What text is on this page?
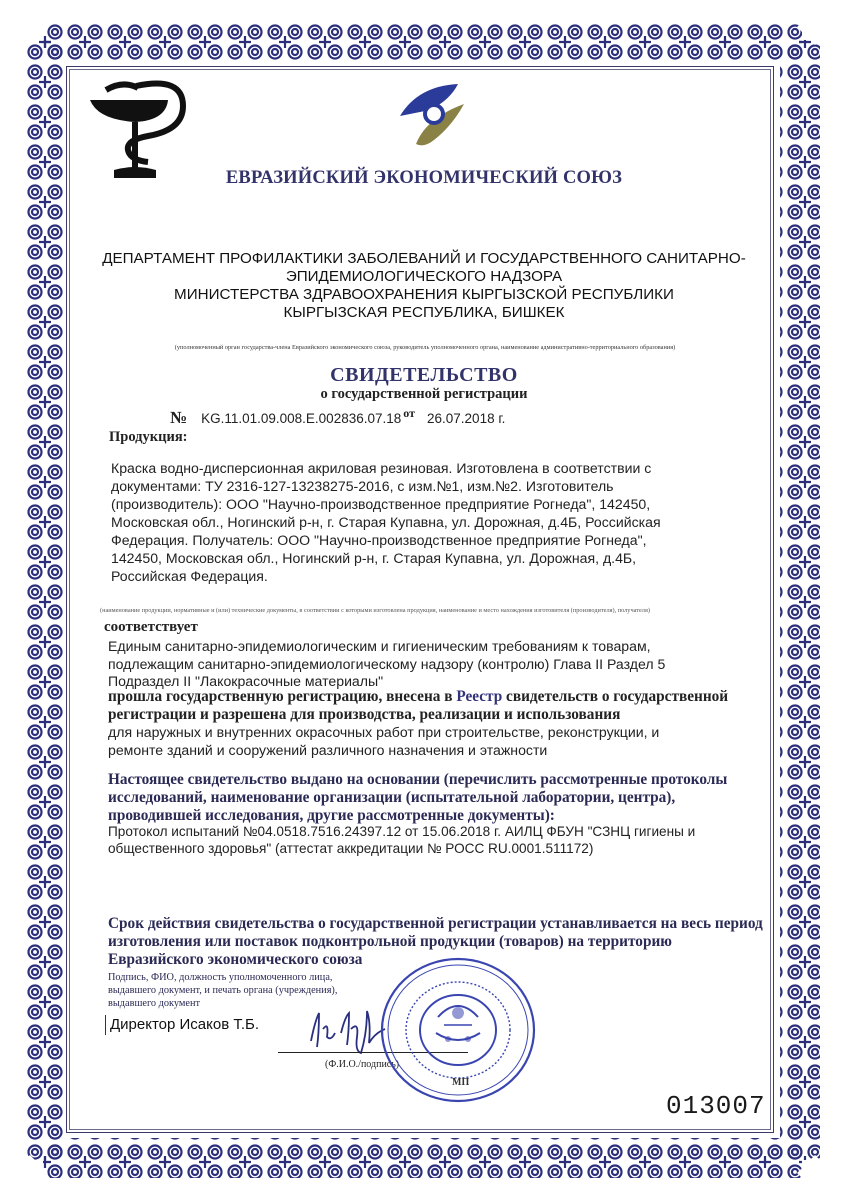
ЕВРАЗИЙСКИЙ ЭКОНОМИЧЕСКИЙ СОЮЗ
ДЕПАРТАМЕНТ ПРОФИЛАКТИКИ ЗАБОЛЕВАНИЙ И ГОСУДАРСТВЕННОГО САНИТАРНО-
ЭПИДЕМИОЛОГИЧЕСКОГО НАДЗОРА
МИНИСТЕРСТВА ЗДРАВООХРАНЕНИЯ КЫРГЫЗСКОЙ РЕСПУБЛИКИ
КЫРГЫЗСКАЯ РЕСПУБЛИКА, БИШКЕК
(уполномоченный орган государства-члена Евразийского экономического союза, руководитель уполномоченного органа, наименование административно-территориального образования)
СВИДЕТЕЛЬСТВО
о государственной регистрации
№ KG.11.01.09.008.Е.002836.07.18 от 26.07.2018 г.
Продукция:
Краска водно-дисперсионная акриловая резиновая. Изготовлена в соответствии с документами: ТУ 2316-127-13238275-2016, с изм.№1, изм.№2. Изготовитель (производитель): ООО "Научно-производственное предприятие Рогнеда", 142450, Московская обл., Ногинский р-н, г. Старая Купавна, ул. Дорожная, д.4Б, Российская Федерация. Получатель: ООО "Научно-производственное предприятие Рогнеда", 142450, Московская обл., Ногинский р-н, г. Старая Купавна, ул. Дорожная, д.4Б, Российская Федерация.
(наименование продукции, нормативные и (или) технические документы, в соответствии с которыми изготовлена продукция, наименование и место нахождения изготовителя (производителя), получателя)
соответствует
Единым санитарно-эпидемиологическим и гигиеническим требованиям к товарам, подлежащим санитарно-эпидемиологическому надзору (контролю) Глава II Раздел 5 Подраздел II "Лакокрасочные материалы"
прошла государственную регистрацию, внесена в Реестр свидетельств о государственной регистрации и разрешена для производства, реализации и использования
для наружных и внутренних окрасочных работ при строительстве, реконструкции, и ремонте зданий и сооружений различного назначения и этажности
Настоящее свидетельство выдано на основании (перечислить рассмотренные протоколы исследований, наименование организации (испытательной лаборатории, центра), проводившей исследования, другие рассмотренные документы):
Протокол испытаний №04.0518.7516.24397.12 от 15.06.2018 г. АИЛЦ ФБУН "СЗНЦ гигиены и общественного здоровья" (аттестат аккредитации № РОСС RU.0001.511172)
Срок действия свидетельства о государственной регистрации устанавливается на весь период изготовления или поставок подконтрольной продукции (товаров) на территорию Евразийского экономического союза
Подпись, ФИО, должность уполномоченного лица, выдавшего документ, и печать органа (учреждения), выдавшего документ
Директор Исаков Т.Б.
(Ф.И.О./подпись)
МП
013007
